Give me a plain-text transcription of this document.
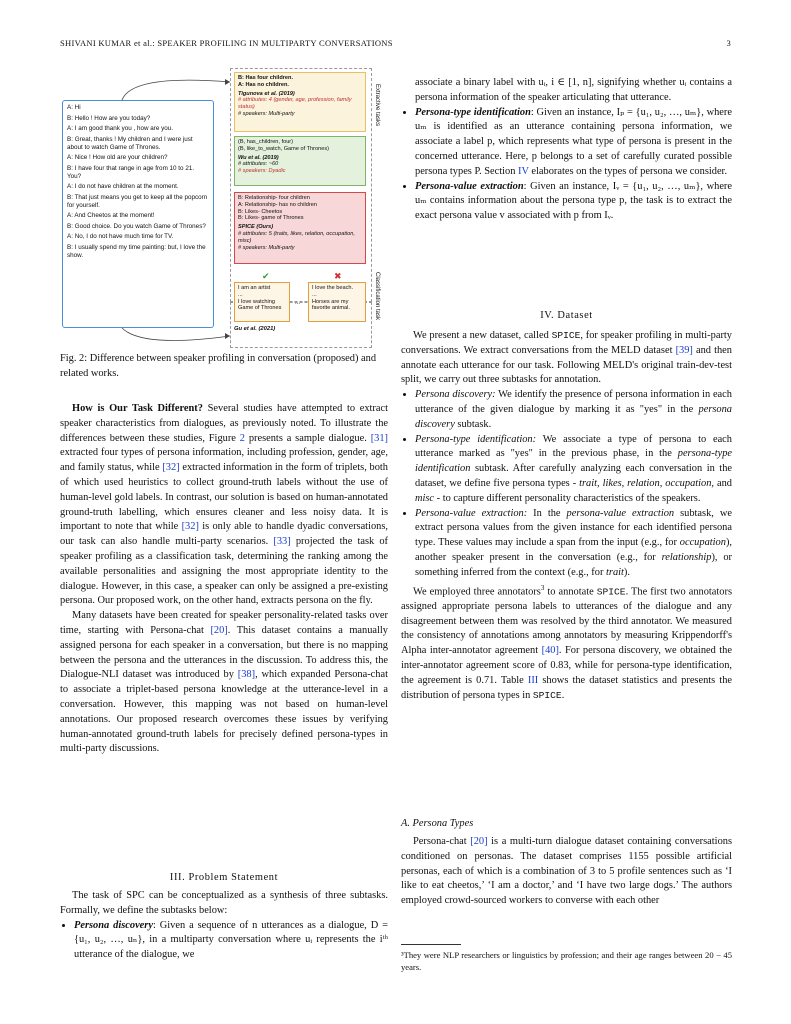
SHIVANI KUMAR et al.: SPEAKER PROFILING IN MULTIPARTY CONVERSATIONS	3
A: Hi
B: Hello ! How are you today?
A: I am good thank you , how are you.
B: Great, thanks ! My children and I were just about to watch Game of Thrones.
A: Nice ! How old are your children?
B: I have four that range in age from 10 to 21. You?
A: I do not have children at the moment.
B: That just means you get to keep all the popcorn for yourself.
A: And Cheetos at the moment!
B: Good choice. Do you watch Game of Thrones?
A: No, I do not have much time for TV.
B: I usually spend my time painting: but, I love the show.
Extractive tasks
B: Has four children.
A: Has no children.
Tigunova et al. (2019)
# attributes: 4 (gender, age, profession, family status)
# speakers: Multi-party
(B, has_children, four)
(B, like_to_watch, Game of Thrones)
Wu et al. (2019)
# attributes: ~60
# speakers: Dyadic
B: Relationship- four children
A: Relationship- has no children
B: Likes- Cheetos
B: Likes- game of Thrones
SPICE (Ours)
# attributes: 5 (traits, likes, relation, occupation, misc)
# speakers: Multi-party
Classification task
✔	✖
I am an artist
...
I love watching Game of Thrones
...
I love the beach.
...
Horses are my favorite animal.
Gu et al. (2021)
Fig. 2: Difference between speaker profiling in conversation (proposed) and related works.

How is Our Task Different? Several studies have attempted to extract speaker characteristics from dialogues, as previously noted. To illustrate the differences between these studies, Figure 2 presents a sample dialogue. [31] extracted four types of persona information, including profession, gender, age, and family status, while [32] extracted information in the form of triplets, both of which used heuristics to collect ground-truth labels without the use of human-level gold labels. In contrast, our solution is based on human-annotated ground-truth labelling, which ensures cleaner and less noisy data. It is important to note that while [32] is only able to handle dyadic conversations, our task can also handle multi-party scenarios. [33] projected the task of speaker profiling as a classification task, determining the ranking among the available personalities and assigning the most appropriate identity to the dialogue. However, in this case, a speaker can only be assigned a pre-existing persona. Our proposed work, on the other hand, extracts persona on the fly.

Many datasets have been created for speaker personality-related tasks over time, starting with Persona-chat [20]. This dataset contains a manually assigned persona for each speaker in a conversation, but there is no mapping between the persona and the utterances in the discussion. To address this, the Dialogue-NLI dataset was introduced by [38], which expanded Persona-chat to associate a triplet-based persona knowledge at the utterance-level in a conversation. However, this mapping was not based on human-level annotations. Our proposed research overcomes these issues by verifying human-annotated ground-truth labels for precisely defined persona-types in multi-party discussions.

III. Problem Statement

The task of SPC can be conceptualized as a synthesis of three subtasks. Formally, we define the subtasks below:

• Persona discovery: Given a sequence of n utterances as a dialogue, D = {u₁, u₂, …, uₙ}, in a multiparty conversation where uᵢ represents the iᵗʰ utterance of the dialogue, we

associate a binary label with uᵢ, i ∈ [1, n], signifying whether uᵢ contains a persona information of the speaker articulating that utterance.

• Persona-type identification: Given an instance, Iₚ = {u₁, u₂, …, uₘ}, where uₘ is identified as an utterance containing persona information, we associate a label p, which represents what type of persona is present in the concerned utterance. Here, p belongs to a set of carefully curated possible persona types P. Section IV elaborates on the types of persona we consider.
• Persona-value extraction: Given an instance, Iᵥ = {u₁, u₂, …, uₘ}, where uₘ contains information about the persona type p, the task is to extract the exact persona value v associated with p from Iᵥ.
IV. Dataset

We present a new dataset, called SPICE, for speaker profiling in multi-party conversations. We extract conversations from the MELD dataset [39] and then annotate each utterance for our task. Following MELD's original train-dev-test split, we carry out three subtasks for annotation.

• Persona discovery: We identify the presence of persona information in each utterance of the given dialogue by marking it as "yes" in the persona discovery subtask.
• Persona-type identification: We associate a type of persona to each utterance marked as "yes" in the previous phase, in the persona-type identification subtask. After carefully analyzing each conversation in the dataset, we define five persona types - trait, likes, relation, occupation, and misc - to capture different personality characteristics of the speakers.
• Persona-value extraction: In the persona-value extraction subtask, we extract persona values from the given instance for each identified persona type. These values may include a span from the input (e.g., for occupation), another speaker present in the conversation (e.g., for relationship), or something inferred from the context (e.g., for trait).

We employed three annotators$^3$ to annotate SPICE. The first two annotators assigned appropriate persona labels to utterances of the dialogue and any disagreement between them was resolved by the third annotator. We measured the consistency of annotations among annotators by measuring Krippendorff's Alpha inter-annotator agreement [40]. For persona discovery, we obtained the inter-annotator agreement score of 0.83, while for persona-type identification, the agreement is 0.71. Table III shows the dataset statistics and presents the distribution of persona types in SPICE.

A. Persona Types

Persona-chat [20] is a multi-turn dialogue dataset containing conversations conditioned on personas. The dataset comprises 1155 possible artificial personas, each of which is a combination of 3 to 5 profile sentences such as ‘I like to eat cheetos,’ ‘I am a doctor,’ and ‘I have two large dogs.’ The authors employed crowd-sourced workers to converse with each other

³They were NLP researchers or linguistics by profession; and their age ranges between 20 − 45 years.
